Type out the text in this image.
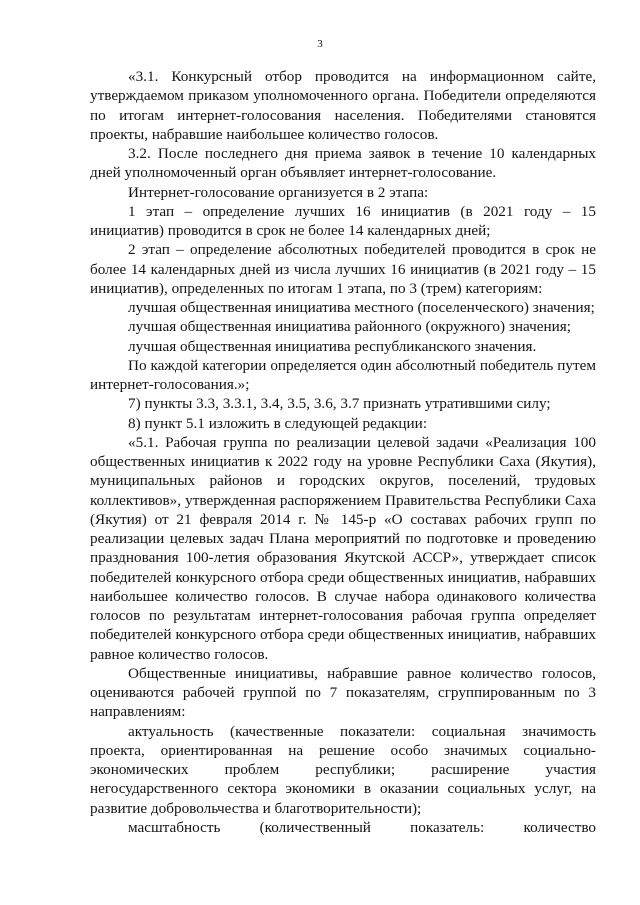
3

«3.1. Конкурсный отбор проводится на информационном сайте, утверждаемом приказом уполномоченного органа. Победители определяются по итогам интернет-голосования населения. Победителями становятся проекты, набравшие наибольшее количество голосов.

3.2. После последнего дня приема заявок в течение 10 календарных дней уполномоченный орган объявляет интернет-голосование.

Интернет-голосование организуется в 2 этапа:

1 этап – определение лучших 16 инициатив (в 2021 году – 15 инициатив) проводится в срок не более 14 календарных дней;

2 этап – определение абсолютных победителей проводится в срок не более 14 календарных дней из числа лучших 16 инициатив (в 2021 году – 15 инициатив), определенных по итогам 1 этапа, по 3 (трем) категориям:

лучшая общественная инициатива местного (поселенческого) значения;

лучшая общественная инициатива районного (окружного) значения;

лучшая общественная инициатива республиканского значения.

По каждой категории определяется один абсолютный победитель путем интернет-голосования.»;

7) пункты 3.3, 3.3.1, 3.4, 3.5, 3.6, 3.7 признать утратившими силу;

8) пункт 5.1 изложить в следующей редакции:

«5.1. Рабочая группа по реализации целевой задачи «Реализация 100 общественных инициатив к 2022 году на уровне Республики Саха (Якутия), муниципальных районов и городских округов, поселений, трудовых коллективов», утвержденная распоряжением Правительства Республики Саха (Якутия) от 21 февраля 2014 г. № 145-р «О составах рабочих групп по реализации целевых задач Плана мероприятий по подготовке и проведению празднования 100-летия образования Якутской АССР», утверждает список победителей конкурсного отбора среди общественных инициатив, набравших наибольшее количество голосов. В случае набора одинакового количества голосов по результатам интернет-голосования рабочая группа определяет победителей конкурсного отбора среди общественных инициатив, набравших равное количество голосов.

Общественные инициативы, набравшие равное количество голосов, оцениваются рабочей группой по 7 показателям, сгруппированным по 3 направлениям:

актуальность (качественные показатели: социальная значимость проекта, ориентированная на решение особо значимых социально-экономических проблем республики; расширение участия негосударственного сектора экономики в оказании социальных услуг, на развитие добровольчества и благотворительности);

масштабность (количественный показатель: количество
